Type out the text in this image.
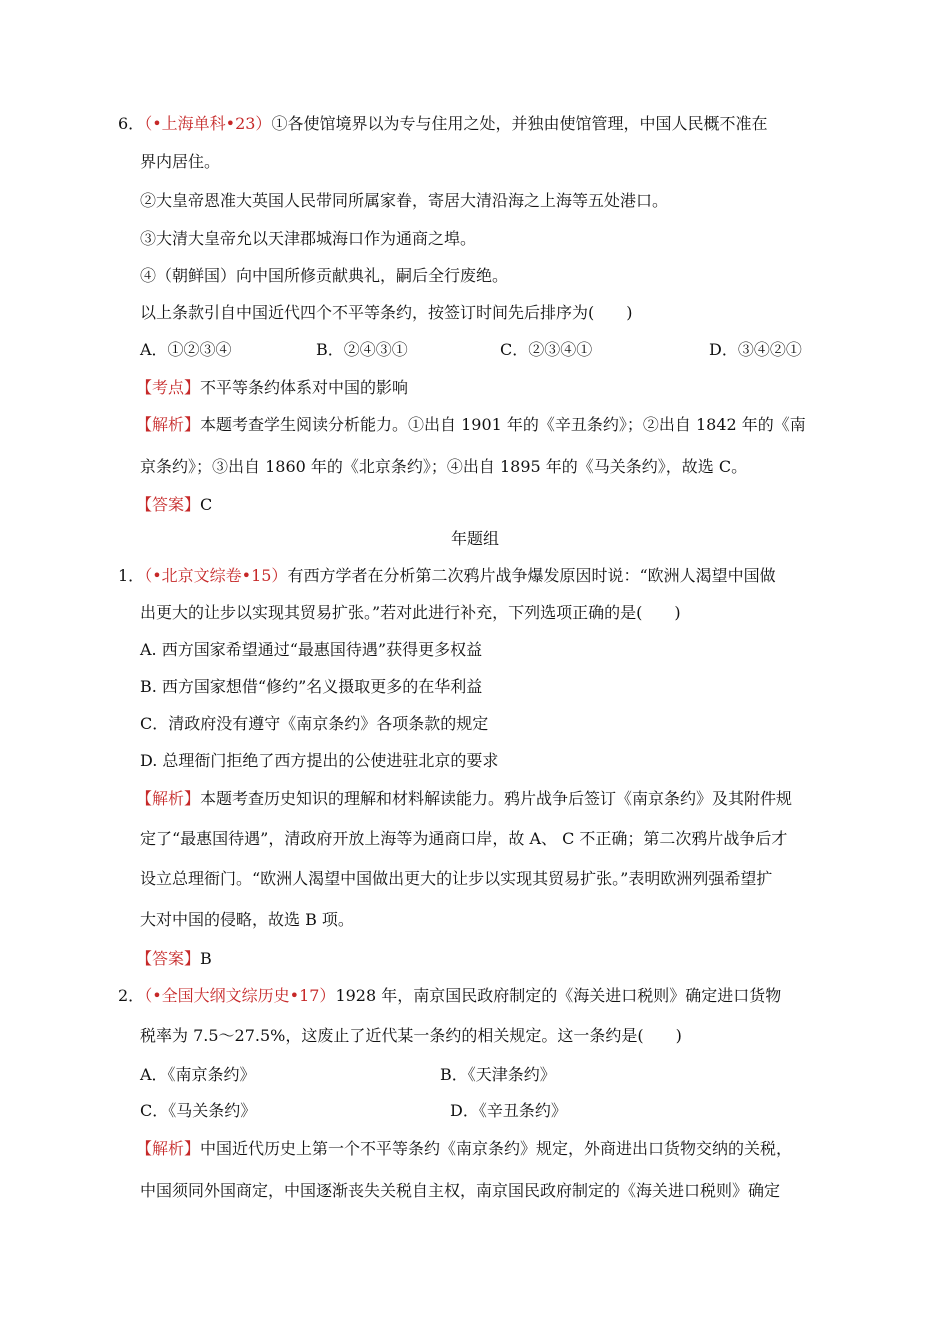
6．（•上海单科•23）①各使馆境界以为专与住用之处，并独由使馆管理，中国人民概不准在
界内居住。
②大皇帝恩准大英国人民带同所属家眷，寄居大清沿海之上海等五处港口。
③大清大皇帝允以天津郡城海口作为通商之埠。
④（朝鲜国）向中国所修贡献典礼，嗣后全行废绝。
以上条款引自中国近代四个不平等条约，按签订时间先后排序为(　　)
A．①②③④	B．②④③①	C．②③④①	D．③④②①
【考点】不平等条约体系对中国的影响
【解析】本题考查学生阅读分析能力。①出自 1901 年的《辛丑条约》；②出自 1842 年的《南
京条约》；③出自 1860 年的《北京条约》；④出自 1895 年的《马关条约》，故选 C。
【答案】C
年题组
1．（•北京文综卷•15）有西方学者在分析第二次鸦片战争爆发原因时说：“欧洲人渴望中国做
出更大的让步以实现其贸易扩张。”若对此进行补充，下列选项正确的是(　　)
A. 西方国家希望通过“最惠国待遇”获得更多权益
B. 西方国家想借“修约”名义摄取更多的在华利益
C．清政府没有遵守《南京条约》各项条款的规定
D. 总理衙门拒绝了西方提出的公使进驻北京的要求
【解析】本题考查历史知识的理解和材料解读能力。鸦片战争后签订《南京条约》及其附件规
定了“最惠国待遇”，清政府开放上海等为通商口岸，故 A、 C 不正确；第二次鸦片战争后才
设立总理衙门。“欧洲人渴望中国做出更大的让步以实现其贸易扩张。”表明欧洲列强希望扩
大对中国的侵略，故选 B 项。
【答案】B
2．（•全国大纲文综历史•17）1928 年，南京国民政府制定的《海关进口税则》确定进口货物
税率为 7.5～27.5%，这废止了近代某一条约的相关规定。这一条约是(　　)
A．《南京条约》	B．《天津条约》
C．《马关条约》	D．《辛丑条约》
【解析】中国近代历史上第一个不平等条约《南京条约》规定，外商进出口货物交纳的关税，
中国须同外国商定，中国逐渐丧失关税自主权，南京国民政府制定的《海关进口税则》确定
